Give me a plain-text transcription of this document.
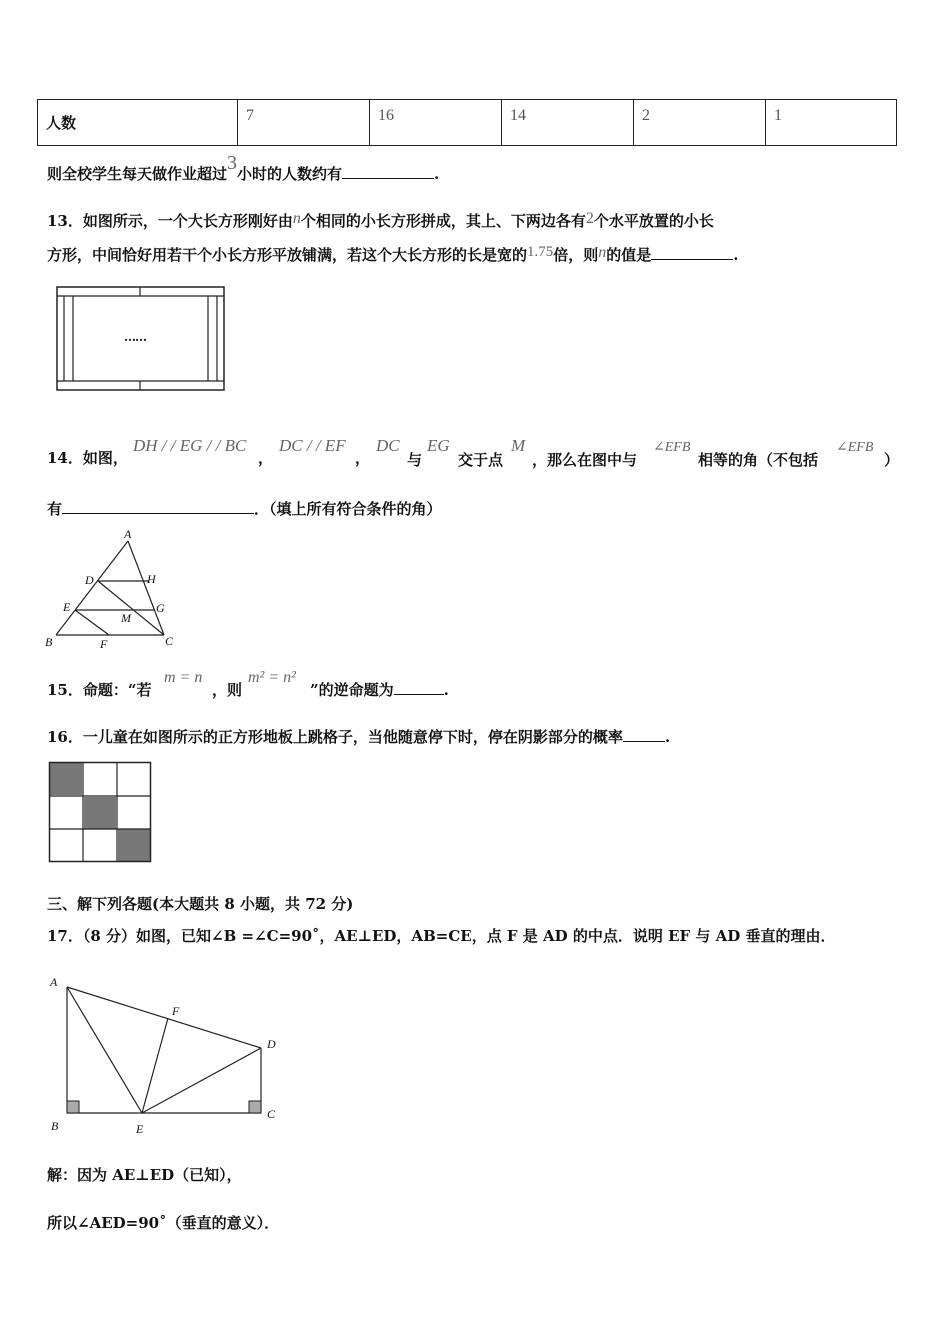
人数	7	16	14	2	1
则全校学生每天做作业超过3小时的人数约有	.
13．如图所示，一个大长方形刚好由n个相同的小长方形拼成，其上、下两边各有2个水平放置的小长
方形，中间恰好用若干个小长方形平放铺满，若这个大长方形的长是宽的1.75倍，则n的值是	.
……
14．如图，
DH / / EG / / BC
，
DC / / EF
，
DC
与
EG
交于点
M
，那么在图中与
∠EFB
相等的角（不包括
∠EFB
）
有	．（填上所有符合条件的角）
A
D	H
E	G
M
B	F	C
15．命题：“若
m = n
，则
m² = n²
”的逆命题为	.
16．一儿童在如图所示的正方形地板上跳格子，当他随意停下时，停在阴影部分的概率	.
三、解下列各题(本大题共 8 小题，共 72 分)
17．（8 分）如图，已知∠B =∠C=90˚，AE⊥ED，AB=CE，点 F 是 AD 的中点．说明 EF 与 AD 垂直的理由．
A
F
D
B	E
C
解：因为 AE⊥ED（已知），
所以∠AED=90˚（垂直的意义）．
